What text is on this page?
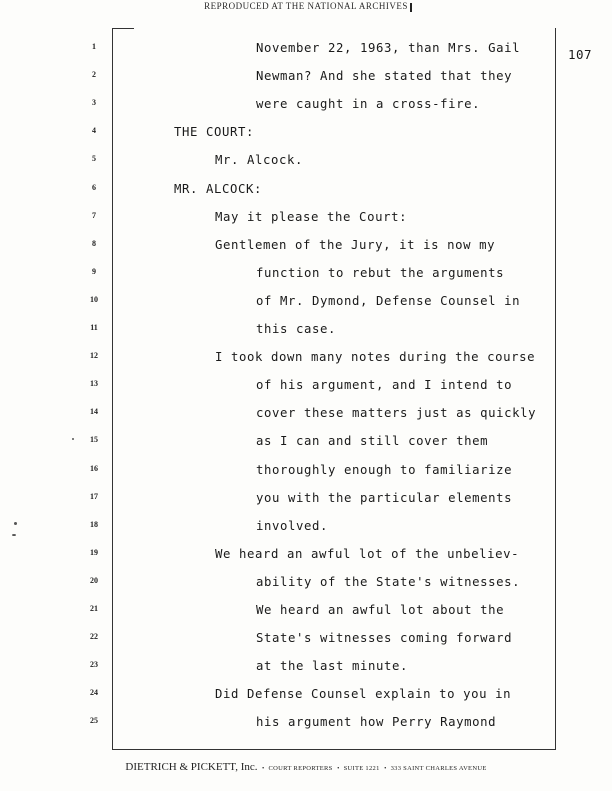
REPRODUCED AT THE NATIONAL ARCHIVES
107
1	November 22, 1963, than Mrs. Gail
2	Newman? And she stated that they
3	were caught in a cross-fire.
4	THE COURT:
5	Mr. Alcock.
6	MR. ALCOCK:
7	May it please the Court:
8	Gentlemen of the Jury, it is now my
9	function to rebut the arguments
10	of Mr. Dymond, Defense Counsel in
11	this case.
12	I took down many notes during the course
13	of his argument, and I intend to
14	cover these matters just as quickly
15	as I can and still cover them
16	thoroughly enough to familiarize
17	you with the particular elements
18	involved.
19	We heard an awful lot of the unbeliev-
20	ability of the State's witnesses.
21	We heard an awful lot about the
22	State's witnesses coming forward
23	at the last minute.
24	Did Defense Counsel explain to you in
25	his argument how Perry Raymond
DIETRICH & PICKETT, Inc.  •  COURT REPORTERS  •  SUITE 1221  •  333 SAINT CHARLES AVENUE
